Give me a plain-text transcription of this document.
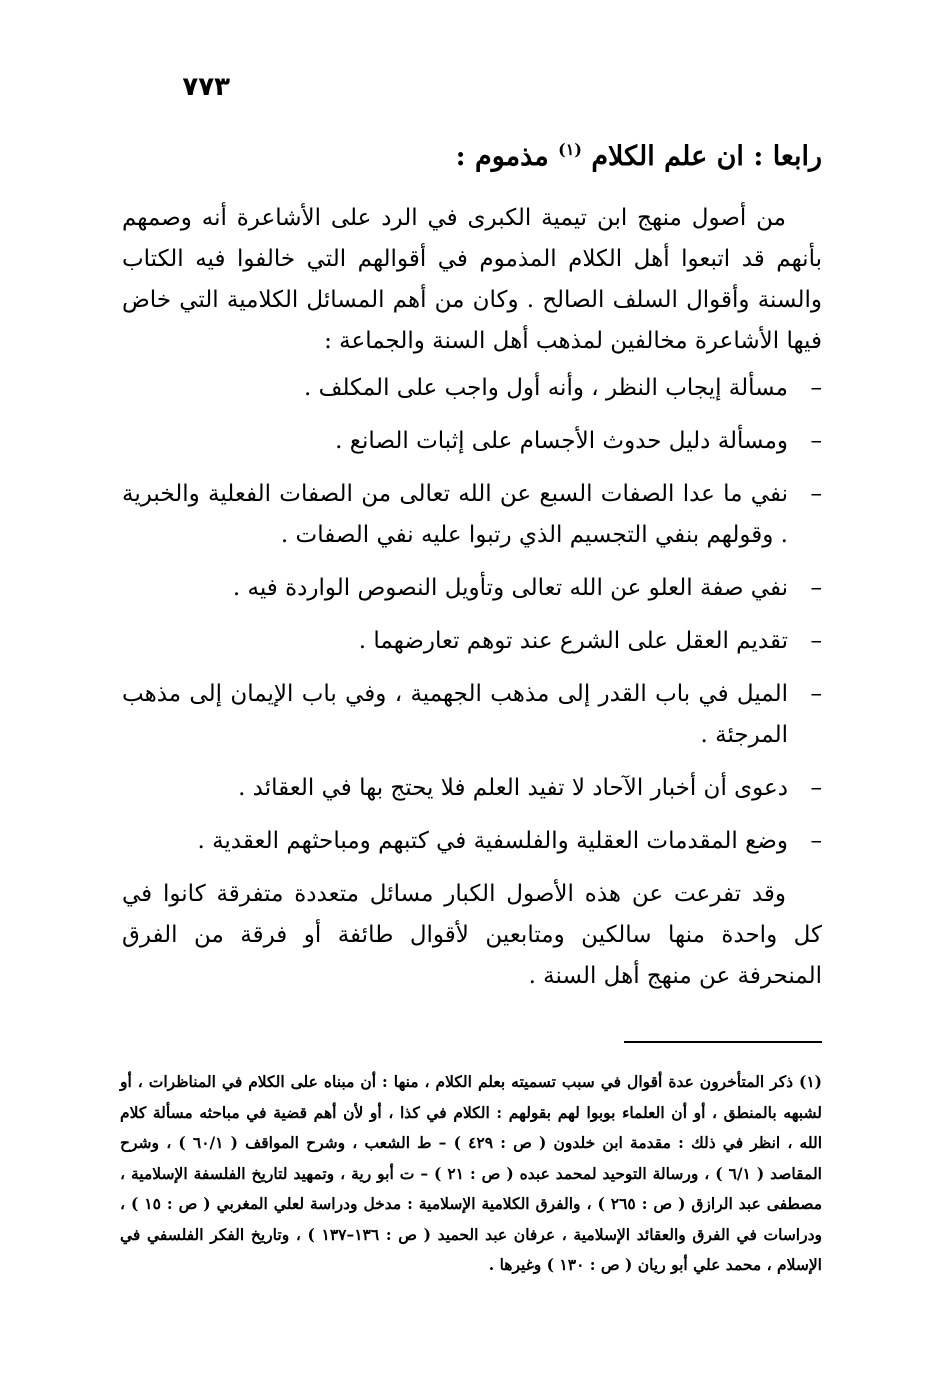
٧٧٣
رابعا : ان علم الكلام $^{(١)}$ مذموم :

من أصول منهج ابن تيمية الكبرى في الرد على الأشاعرة أنه وصمهم بأنهم قد اتبعوا أهل الكلام المذموم في أقوالهم التي خالفوا فيه الكتاب والسنة وأقوال السلف الصالح . وكان من أهم المسائل الكلامية التي خاض فيها الأشاعرة مخالفين لمذهب أهل السنة والجماعة :

–
مسألة إيجاب النظر ، وأنه أول واجب على المكلف .
–
ومسألة دليل حدوث الأجسام على إثبات الصانع .
–
نفي ما عدا الصفات السبع عن الله تعالى من الصفات الفعلية والخبرية . وقولهم بنفي التجسيم الذي رتبوا عليه نفي الصفات .
–
نفي صفة العلو عن الله تعالى وتأويل النصوص الواردة فيه .
–
تقديم العقل على الشرع عند توهم تعارضهما .
–
الميل في باب القدر إلى مذهب الجهمية ، وفي باب الإيمان إلى مذهب المرجئة .
–
دعوى أن أخبار الآحاد لا تفيد العلم فلا يحتج بها في العقائد .
–
وضع المقدمات العقلية والفلسفية في كتبهم ومباحثهم العقدية .

وقد تفرعت عن هذه الأصول الكبار مسائل متعددة متفرقة كانوا في كل واحدة منها سالكين ومتابعين لأقوال طائفة أو فرقة من الفرق المنحرفة عن منهج أهل السنة .

(١) ذكر المتأخرون عدة أقوال في سبب تسميته بعلم الكلام ، منها : أن مبناه على الكلام في المناظرات ، أو لشبهه بالمنطق ، أو أن العلماء بوبوا لهم بقولهم : الكلام في كذا ، أو لأن أهم قضية في مباحثه مسألة كلام الله ، انظر في ذلك : مقدمة ابن خلدون ( ص : ٤٢٩ ) – ط الشعب ، وشرح المواقف ( ٦٠/١ ) ، وشرح المقاصد ( ٦/١ ) ، ورسالة التوحيد لمحمد عبده ( ص : ٢١ ) – ت أبو رية ، وتمهيد لتاريخ الفلسفة الإسلامية ، مصطفى عبد الرازق ( ص : ٢٦٥ ) ، والفرق الكلامية الإسلامية : مدخل ودراسة لعلي المغربي ( ص : ١٥ ) ، ودراسات في الفرق والعقائد الإسلامية ، عرفان عبد الحميد ( ص : ١٣٦–١٣٧ ) ، وتاريخ الفكر الفلسفي في الإسلام ، محمد علي أبو ريان ( ص : ١٣٠ ) وغيرها .
